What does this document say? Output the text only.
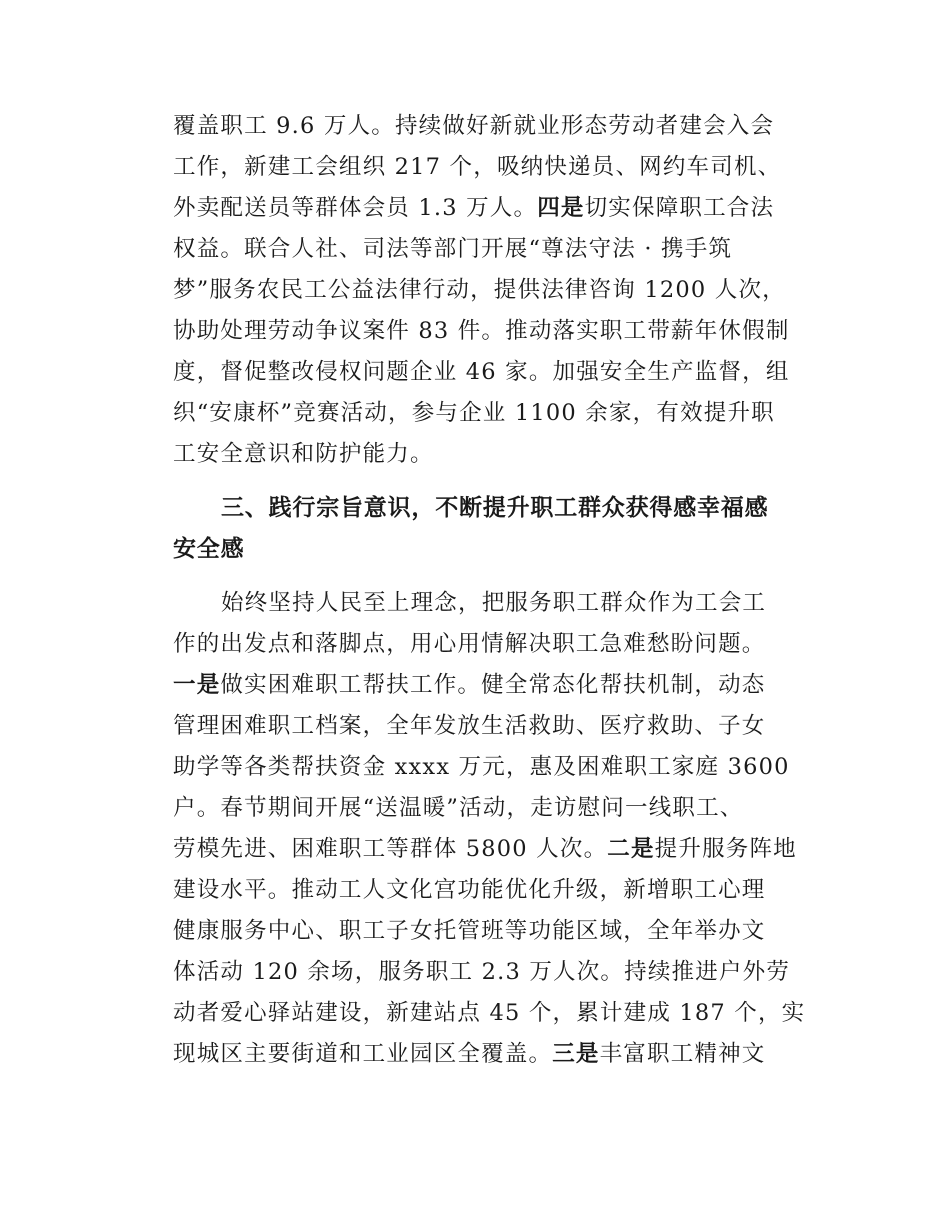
覆盖职工 9.6 万人。持续做好新就业形态劳动者建会入会
工作，新建工会组织 217 个，吸纳快递员、网约车司机、
外卖配送员等群体会员 1.3 万人。四是切实保障职工合法
权益。联合人社、司法等部门开展“尊法守法 · 携手筑
梦”服务农民工公益法律行动，提供法律咨询 1200 人次，
协助处理劳动争议案件 83 件。推动落实职工带薪年休假制
度，督促整改侵权问题企业 46 家。加强安全生产监督，组
织“安康杯”竞赛活动，参与企业 1100 余家，有效提升职
工安全意识和防护能力。

三、践行宗旨意识，不断提升职工群众获得感幸福感
安全感

始终坚持人民至上理念，把服务职工群众作为工会工
作的出发点和落脚点，用心用情解决职工急难愁盼问题。
一是做实困难职工帮扶工作。健全常态化帮扶机制，动态
管理困难职工档案，全年发放生活救助、医疗救助、子女
助学等各类帮扶资金 xxxx 万元，惠及困难职工家庭 3600
户。春节期间开展“送温暖”活动，走访慰问一线职工、
劳模先进、困难职工等群体 5800 人次。二是提升服务阵地
建设水平。推动工人文化宫功能优化升级，新增职工心理
健康服务中心、职工子女托管班等功能区域，全年举办文
体活动 120 余场，服务职工 2.3 万人次。持续推进户外劳
动者爱心驿站建设，新建站点 45 个，累计建成 187 个，实
现城区主要街道和工业园区全覆盖。三是丰富职工精神文
